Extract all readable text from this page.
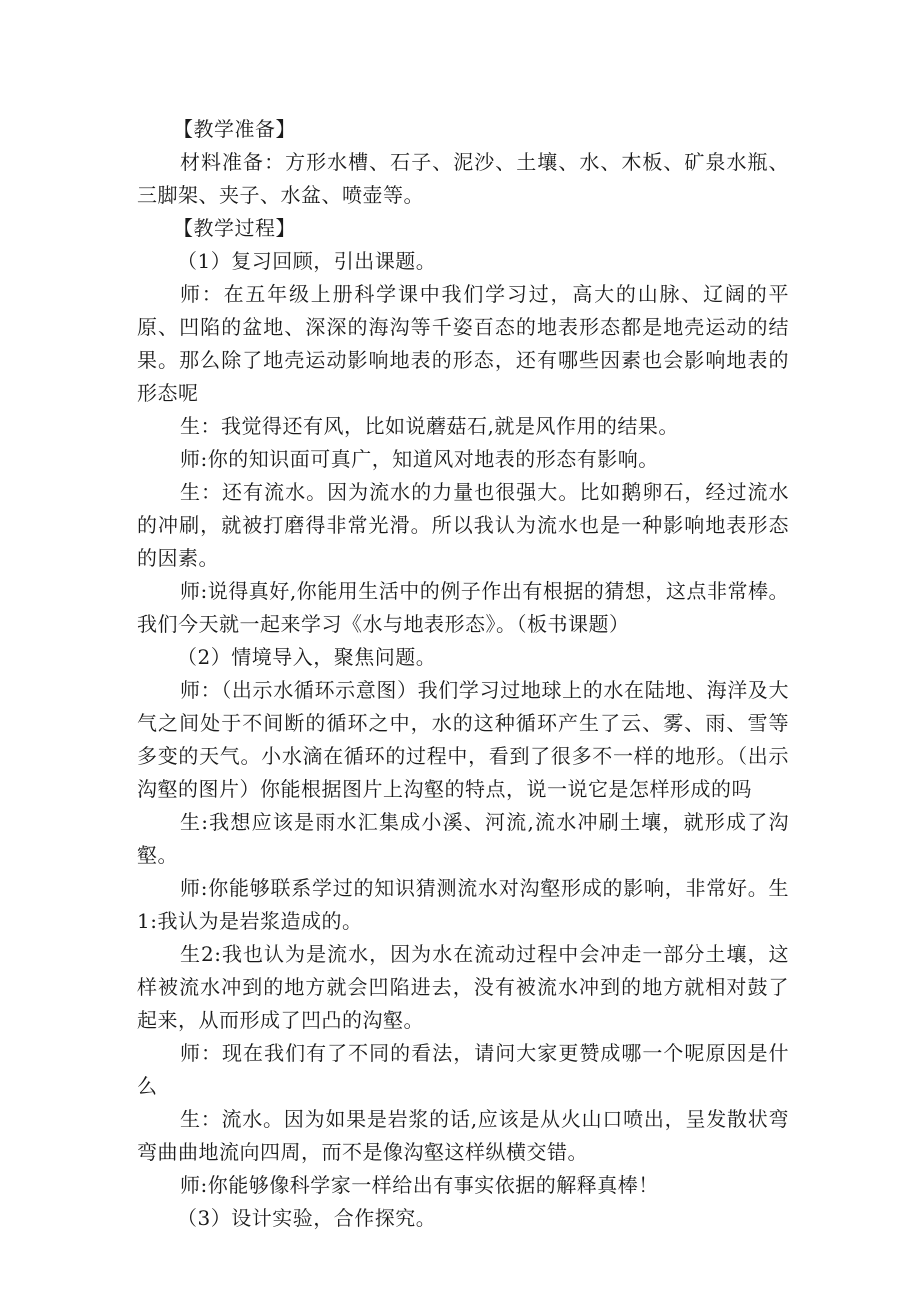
【教学准备】

材料准备：方形水槽、石子、泥沙、土壤、水、木板、矿泉水瓶、三脚架、夹子、水盆、喷壶等。

【教学过程】

（1）复习回顾，引出课题。

师：在五年级上册科学课中我们学习过，高大的山脉、辽阔的平原、凹陷的盆地、深深的海沟等千姿百态的地表形态都是地壳运动的结果。那么除了地壳运动影响地表的形态，还有哪些因素也会影响地表的形态呢

生：我觉得还有风，比如说蘑菇石,就是风作用的结果。

师:你的知识面可真广，知道风对地表的形态有影响。

生：还有流水。因为流水的力量也很强大。比如鹅卵石，经过流水的冲刷，就被打磨得非常光滑。所以我认为流水也是一种影响地表形态的因素。

师:说得真好,你能用生活中的例子作出有根据的猜想，这点非常棒。我们今天就一起来学习《水与地表形态》。（板书课题）

（2）情境导入，聚焦问题。

师：（出示水循环示意图）我们学习过地球上的水在陆地、海洋及大气之间处于不间断的循环之中，水的这种循环产生了云、雾、雨、雪等多变的天气。小水滴在循环的过程中，看到了很多不一样的地形。（出示沟壑的图片）你能根据图片上沟壑的特点，说一说它是怎样形成的吗

生:我想应该是雨水汇集成小溪、河流,流水冲刷土壤，就形成了沟壑。

师:你能够联系学过的知识猜测流水对沟壑形成的影响，非常好。生1:我认为是岩浆造成的。

生2:我也认为是流水，因为水在流动过程中会冲走一部分土壤，这样被流水冲到的地方就会凹陷进去，没有被流水冲到的地方就相对鼓了起来，从而形成了凹凸的沟壑。

师：现在我们有了不同的看法，请问大家更赞成哪一个呢原因是什么

生：流水。因为如果是岩浆的话,应该是从火山口喷出，呈发散状弯弯曲曲地流向四周，而不是像沟壑这样纵横交错。

师:你能够像科学家一样给出有事实依据的解释真棒！

（3）设计实验，合作探究。
